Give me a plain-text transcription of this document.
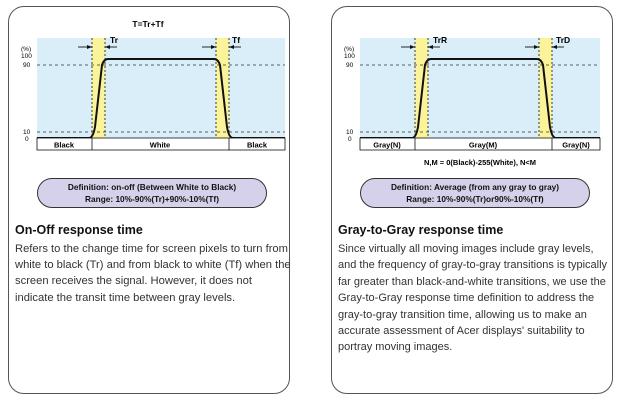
T=Tr+Tf
(%)
100
90
10
0
Tr	Tf
Black	White	Black
Definition: on-off (Between White to Black)
Range: 10%-90%(Tr)+90%-10%(Tf)
On-Off response time
Refers to the change time for screen pixels to turn from white to black (Tr) and from black to white (Tf) when the screen receives the signal. However, it does not indicate the transit time between gray levels.
(%)
100
90
10
0
TrR	TrD
Gray(N)	Gray(M)	Gray(N)
N,M = 0(Black)-255(White), N<M
Definition: Average (from any gray to gray)
Range: 10%-90%(Tr)or90%-10%(Tf)
Gray-to-Gray response time
Since virtually all moving images include gray levels, and the frequency of gray-to-gray transitions is typically far greater than black-and-white transitions, we use the Gray-to-Gray response time definition to address the gray-to-gray transition time, allowing us to make an accurate assessment of Acer displays' suitability to portray moving images.
